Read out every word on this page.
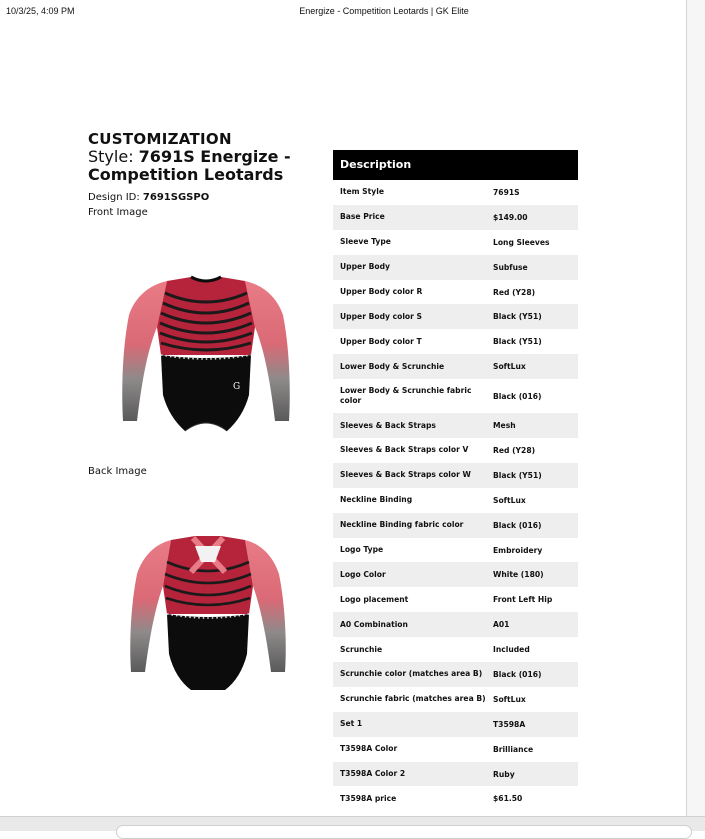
10/3/25, 4:09 PM	Energize - Competition Leotards | GK Elite
CUSTOMIZATION
Style: 7691S Energize -
Competition Leotards
Design ID: 7691SGSPO
Front Image
Back Image
G
Description
Item Style	7691S
Base Price	$149.00
Sleeve Type	Long Sleeves
Upper Body	Subfuse
Upper Body color R	Red (Y28)
Upper Body color S	Black (Y51)
Upper Body color T	Black (Y51)
Lower Body & Scrunchie	SoftLux
Lower Body & Scrunchie fabric color	Black (016)
Sleeves & Back Straps	Mesh
Sleeves & Back Straps color V	Red (Y28)
Sleeves & Back Straps color W	Black (Y51)
Neckline Binding	SoftLux
Neckline Binding fabric color	Black (016)
Logo Type	Embroidery
Logo Color	White (180)
Logo placement	Front Left Hip
A0 Combination	A01
Scrunchie	Included
Scrunchie color (matches area B)	Black (016)
Scrunchie fabric (matches area B) SoftLux
Set 1	T3598A
T3598A Color	Brilliance
T3598A Color 2	Ruby
T3598A price	$61.50
